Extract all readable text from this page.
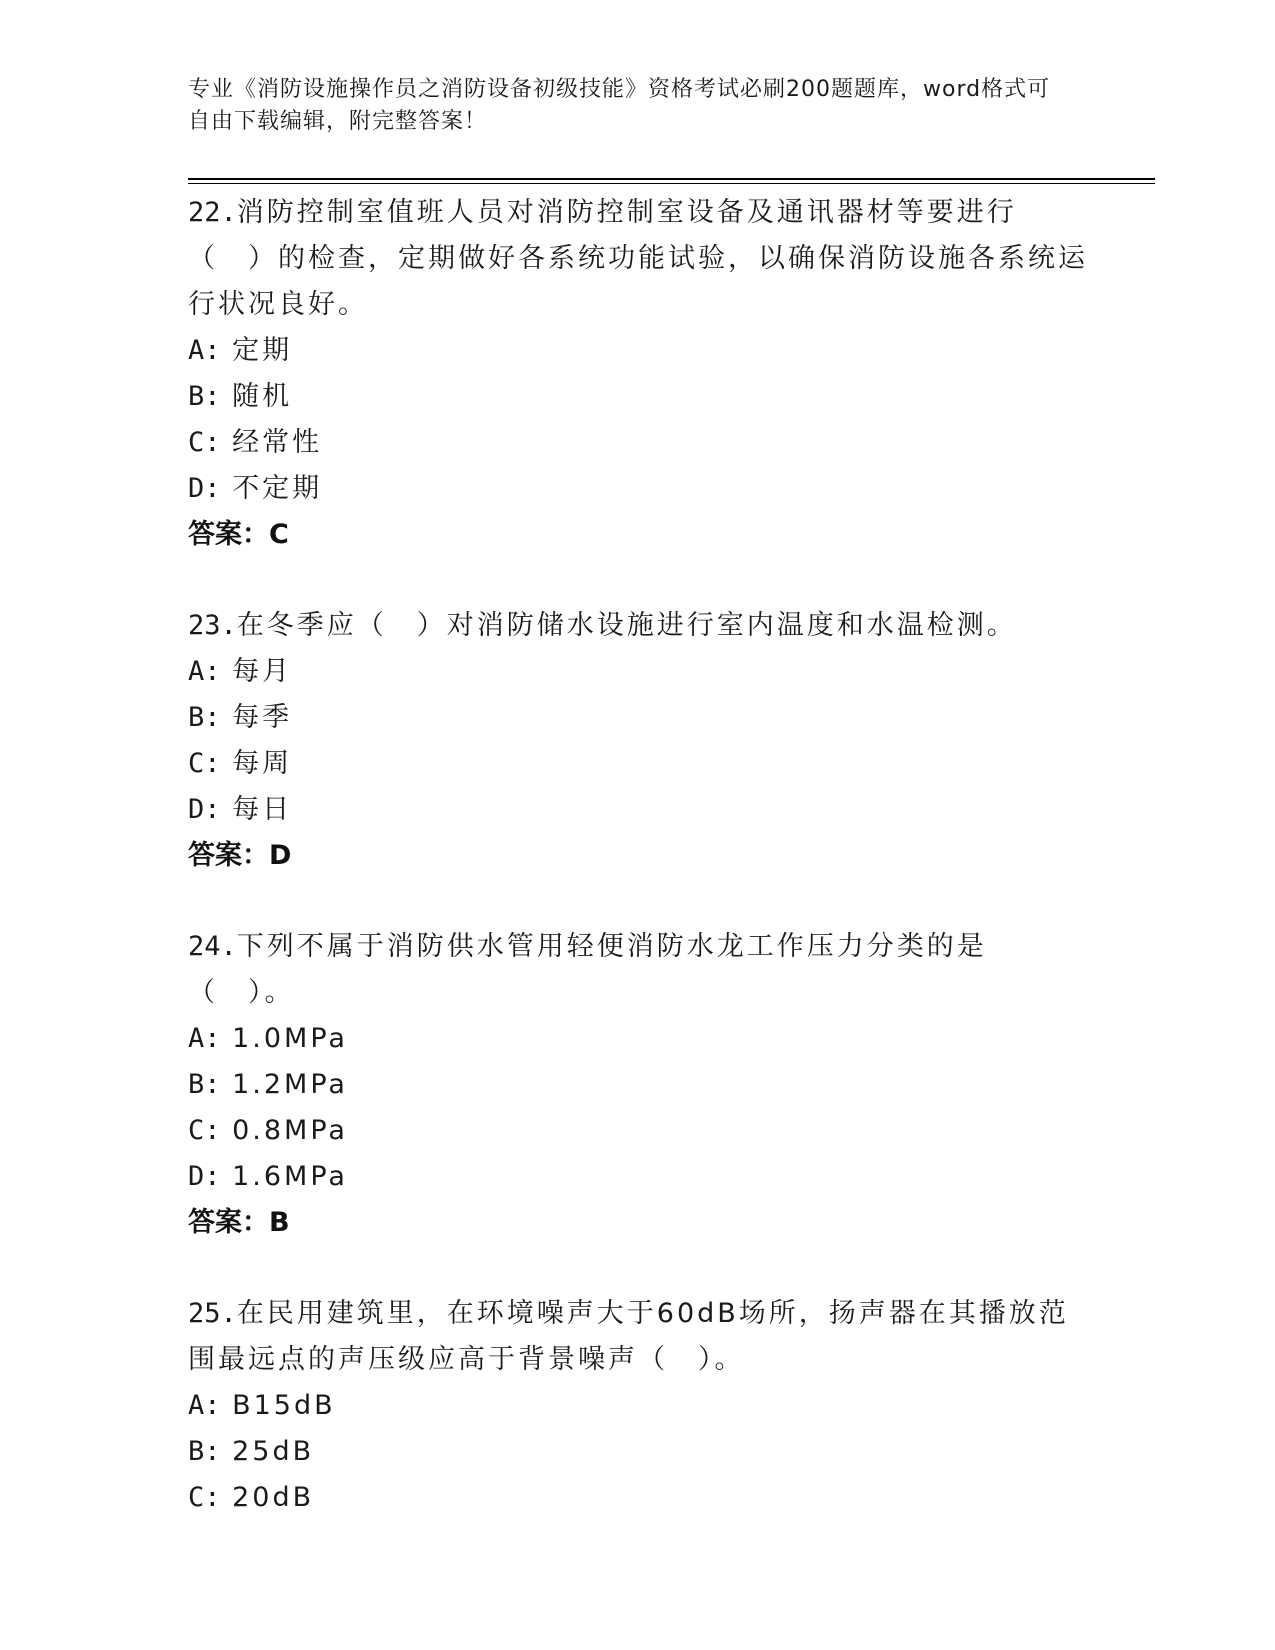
专业《消防设施操作员之消防设备初级技能》资格考试必刷200题题库，word格式可自由下载编辑，附完整答案！

22.消防控制室值班人员对消防控制室设备及通讯器材等要进行（　）的检查，定期做好各系统功能试验，以确保消防设施各系统运行状况良好。

A: 定期

B: 随机

C: 经常性

D: 不定期

答案：C

23.在冬季应（　）对消防储水设施进行室内温度和水温检测。

A: 每月

B: 每季

C: 每周

D: 每日

答案：D

24.下列不属于消防供水管用轻便消防水龙工作压力分类的是（　）。

A: 1.0MPa

B: 1.2MPa

C: 0.8MPa

D: 1.6MPa

答案：B

25.在民用建筑里，在环境噪声大于60dB场所，扬声器在其播放范围最远点的声压级应高于背景噪声（　）。

A: B15dB

B: 25dB

C: 20dB
